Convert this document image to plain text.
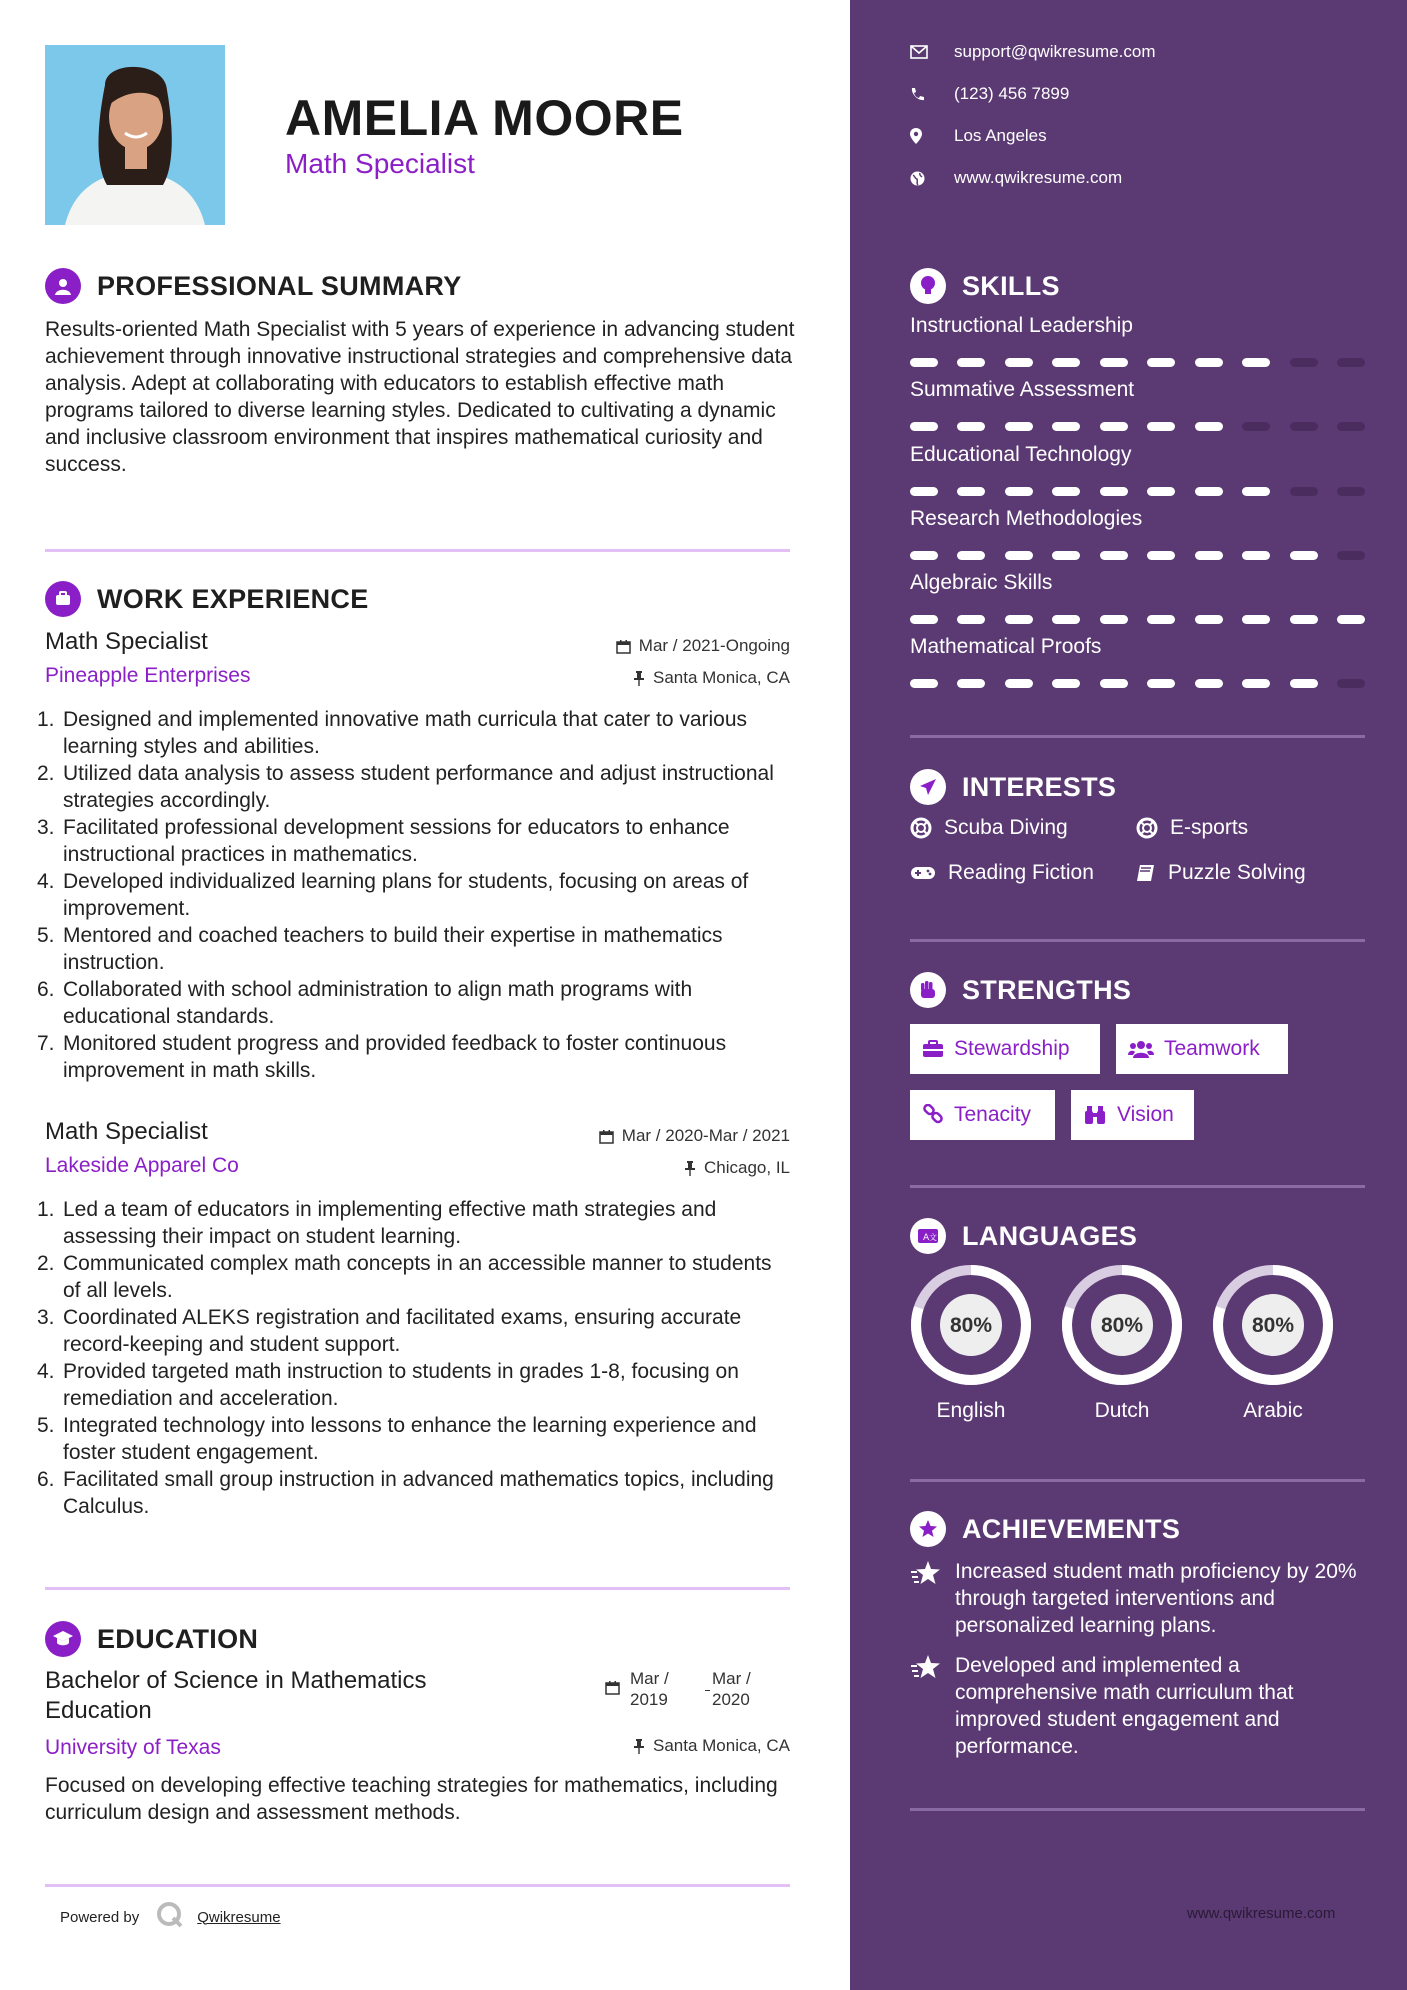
AMELIA MOORE
Math Specialist
PROFESSIONAL SUMMARY
Results-oriented Math Specialist with 5 years of experience in advancing student achievement through innovative instructional strategies and comprehensive data analysis. Adept at collaborating with educators to establish effective math programs tailored to diverse learning styles. Dedicated to cultivating a dynamic and inclusive classroom environment that inspires mathematical curiosity and success.
WORK EXPERIENCE
Math Specialist
Pineapple Enterprises
Mar / 2021-Ongoing
Santa Monica, CA
1. Designed and implemented innovative math curricula that cater to various learning styles and abilities.
2. Utilized data analysis to assess student performance and adjust instructional strategies accordingly.
3. Facilitated professional development sessions for educators to enhance instructional practices in mathematics.
4. Developed individualized learning plans for students, focusing on areas of improvement.
5. Mentored and coached teachers to build their expertise in mathematics instruction.
6. Collaborated with school administration to align math programs with educational standards.
7. Monitored student progress and provided feedback to foster continuous improvement in math skills.
Math Specialist
Lakeside Apparel Co
Mar / 2020-Mar / 2021
Chicago, IL
1. Led a team of educators in implementing effective math strategies and assessing their impact on student learning.
2. Communicated complex math concepts in an accessible manner to students of all levels.
3. Coordinated ALEKS registration and facilitated exams, ensuring accurate record-keeping and student support.
4. Provided targeted math instruction to students in grades 1-8, focusing on remediation and acceleration.
5. Integrated technology into lessons to enhance the learning experience and foster student engagement.
6. Facilitated small group instruction in advanced mathematics topics, including Calculus.
EDUCATION
Bachelor of Science in Mathematics
Education
University of Texas
Mar /
2019
Mar /
2020
Santa Monica, CA
Focused on developing effective teaching strategies for mathematics, including curriculum design and assessment methods.
Powered by	Qwikresume
support@qwikresume.com
(123) 456 7899
Los Angeles
www.qwikresume.com
SKILLS
Instructional Leadership
Summative Assessment
Educational Technology
Research Methodologies
Algebraic Skills
Mathematical Proofs
INTERESTS
Scuba Diving	E-sports
Reading Fiction	Puzzle Solving
STRENGTHS
Stewardship	Teamwork
Tenacity	Vision
A 文 LANGUAGES
80%
English
80%
Dutch
80%
Arabic
ACHIEVEMENTS
Increased student math proficiency by 20% through targeted interventions and personalized learning plans.
Developed and implemented a comprehensive math curriculum that improved student engagement and performance.
www.qwikresume.com
